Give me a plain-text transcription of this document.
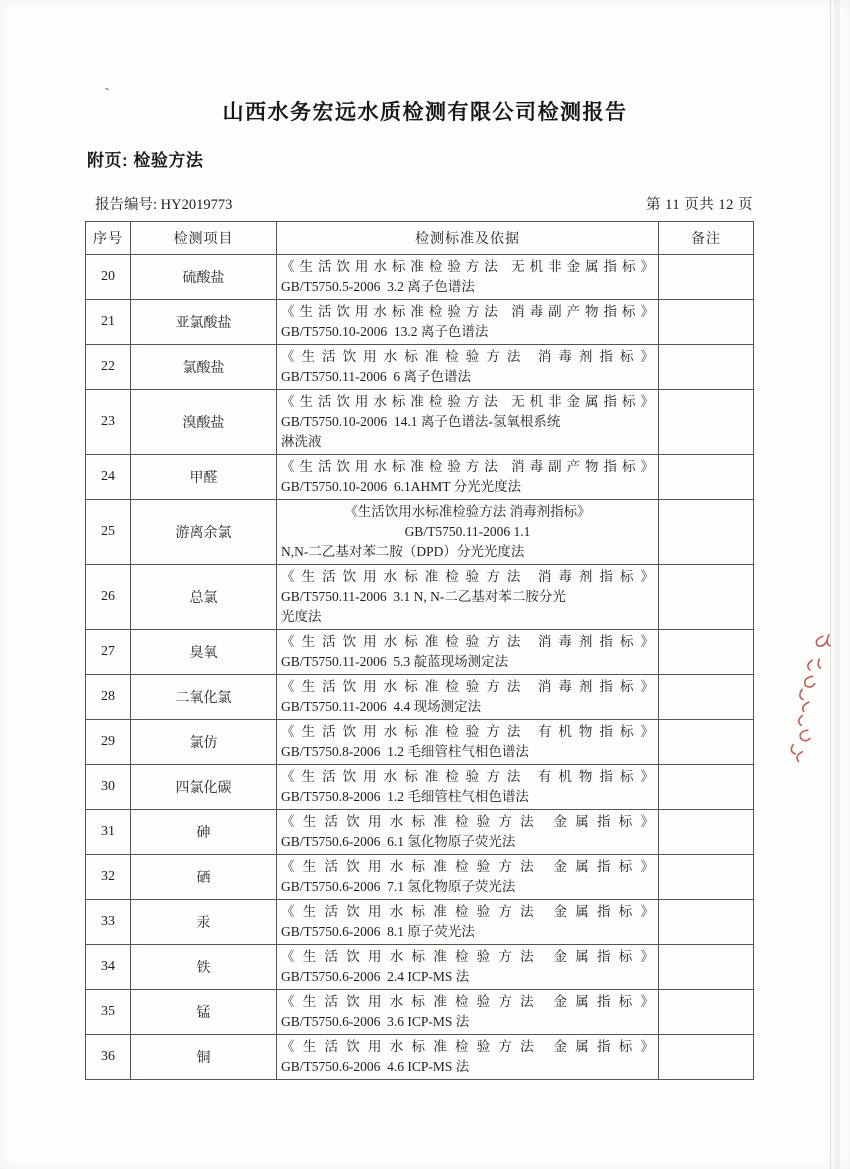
`
山西水务宏远水质检测有限公司检测报告
附页: 检验方法
报告编号: HY2019773	第 11 页共 12 页
序号	检测项目	检测标准及依据	备注
20	硫酸盐	《生活饮用水标准检验方法 无机非金属指标》
GB/T5750.5-2006  3.2 离子色谱法	

21	亚氯酸盐	《生活饮用水标准检验方法 消毒副产物指标》
GB/T5750.10-2006  13.2 离子色谱法	

22	氯酸盐	《生活饮用水标准检验方法 消毒剂指标》
GB/T5750.11-2006  6 离子色谱法	

23	溴酸盐	《生活饮用水标准检验方法 无机非金属指标》
GB/T5750.10-2006  14.1 离子色谱法-氢氧根系统
淋洗液	

24	甲醛	《生活饮用水标准检验方法 消毒副产物指标》
GB/T5750.10-2006  6.1AHMT 分光光度法	

25	游离余氯	《生活饮用水标准检验方法 消毒剂指标》
GB/T5750.11-2006 1.1
N,N-二乙基对苯二胺（DPD）分光光度法	

26	总氯	《生活饮用水标准检验方法 消毒剂指标》
GB/T5750.11-2006  3.1 N, N-二乙基对苯二胺分光
光度法	

27	臭氧	《生活饮用水标准检验方法 消毒剂指标》
GB/T5750.11-2006  5.3 靛蓝现场测定法	

28	二氧化氯	《生活饮用水标准检验方法 消毒剂指标》
GB/T5750.11-2006  4.4 现场测定法	

29	氯仿	《生活饮用水标准检验方法 有机物指标》
GB/T5750.8-2006  1.2 毛细管柱气相色谱法	

30	四氯化碳	《生活饮用水标准检验方法 有机物指标》
GB/T5750.8-2006  1.2 毛细管柱气相色谱法	

31	砷	《生活饮用水标准检验方法 金属指标》
GB/T5750.6-2006  6.1 氢化物原子荧光法	

32	硒	《生活饮用水标准检验方法 金属指标》
GB/T5750.6-2006  7.1 氢化物原子荧光法	

33	汞	《生活饮用水标准检验方法 金属指标》
GB/T5750.6-2006  8.1 原子荧光法	

34	铁	《生活饮用水标准检验方法 金属指标》
GB/T5750.6-2006  2.4 ICP-MS 法	

35	锰	《生活饮用水标准检验方法 金属指标》
GB/T5750.6-2006  3.6 ICP-MS 法	

36	铜	《生活饮用水标准检验方法 金属指标》
GB/T5750.6-2006  4.6 ICP-MS 法	
